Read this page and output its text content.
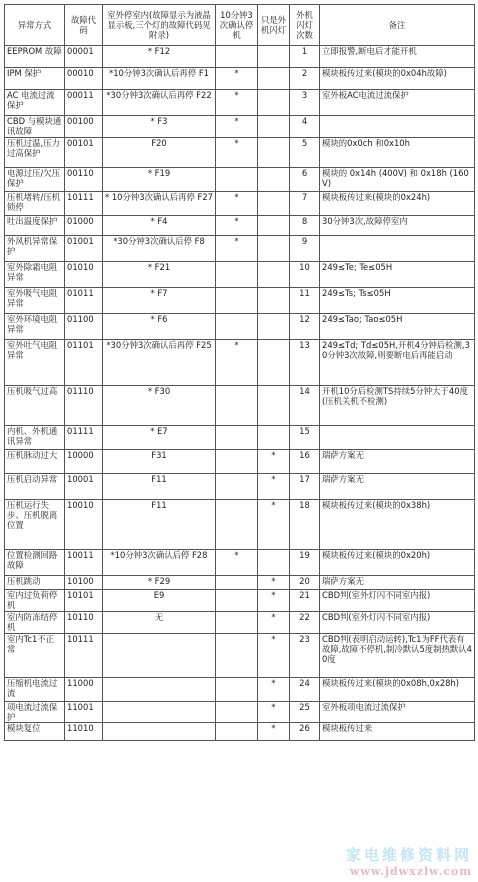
异常方式	故障代码	室外停室内(故障显示为液晶显示板,三个灯的故障代码见附录)	10分钟3次确认停机	只是外机闪灯	外机闪灯次数	备注
EEPROM 故障	00001	* F12			1	立即报警,断电后才能开机
IPM 保护	00010	*10分钟3次确认后再停 F1	*		2	模块板传过来(模块的0x04h故障)
AC 电流过流保护	00011	*30分钟3次确认后再停 F22	*		3	室外板AC电流过流保护
CBD 与模块通讯故障	00100	* F3	*		4	
压机过温,压力过高保护	00101	F20	*		5	模块的0x0ch 和0x10h
电源过压/欠压保护	00110	* F19			6	模块的 0x14h (400V) 和 0x18h (160V)
压机堵转/压机锁停	10111	* 10分钟3次确认后再停 F27	*		7	模块板传过来(模块的0x24h)
吐出温度保护	01000	* F4	*		8	30分钟3次,故障停室内
外风机异常保护	01001	*30分钟3次确认后停 F8	*		9	
室外除霜电阻异常	01010	* F21			10	249≤Te; Te≤05H
室外吸气电阻异常	01011	* F7			11	249≤Ts; Ts≤05H
室外环境电阻异常	01100	* F6			12	249≤Tao; Tao≤05H
室外吐气电阻异常	01101	*30分钟3次确认后再停 F25	*		13	249≤Td; Td≤05H,开机4分钟后检测,30分钟3次故障,则要断电后再能启动
压机吸气过高	01110	* F30			14	开机10分后检测TS持续5分钟大于40度(压机关机不检测)
内机、外机通讯异常	01111	* E7			15	
压机脉动过大	10000	F31		*	16	瑞萨方案无
压机启动异常	10001	F11		*	17	瑞萨方案无
压机运行失步、压机脱离位置	10010	F11		*	18	模块板传过来(模块的0x38h)
位置检测回路故障	10011	*10分钟3次确认后停 F28	*		19	模块板传过来(模块的0x20h)
压机跳动	10100	* F29		*	20	瑞萨方案无
室内过负荷停机	10101	E9		*	21	CBD判(室外灯闪不同室内报)
室内防冻结停机	10110	无		*	22	CBD判(室外灯闪不同室内报)
室内Tc1不正常	10111			*	23	CBD判(表明启动运转),Tc1为FF代表有故障,故障不停机,制冷默认5度制热默认40度
压缩机电流过流	11000			*	24	模块板传过来(模块的0x08h,0x28h)
项电流过流保护	11001			*	25	室外板项电流过流保护
模块复位	11010			*	26	模块板传过来
家电维修资料网
www.jdwxzlw.com
